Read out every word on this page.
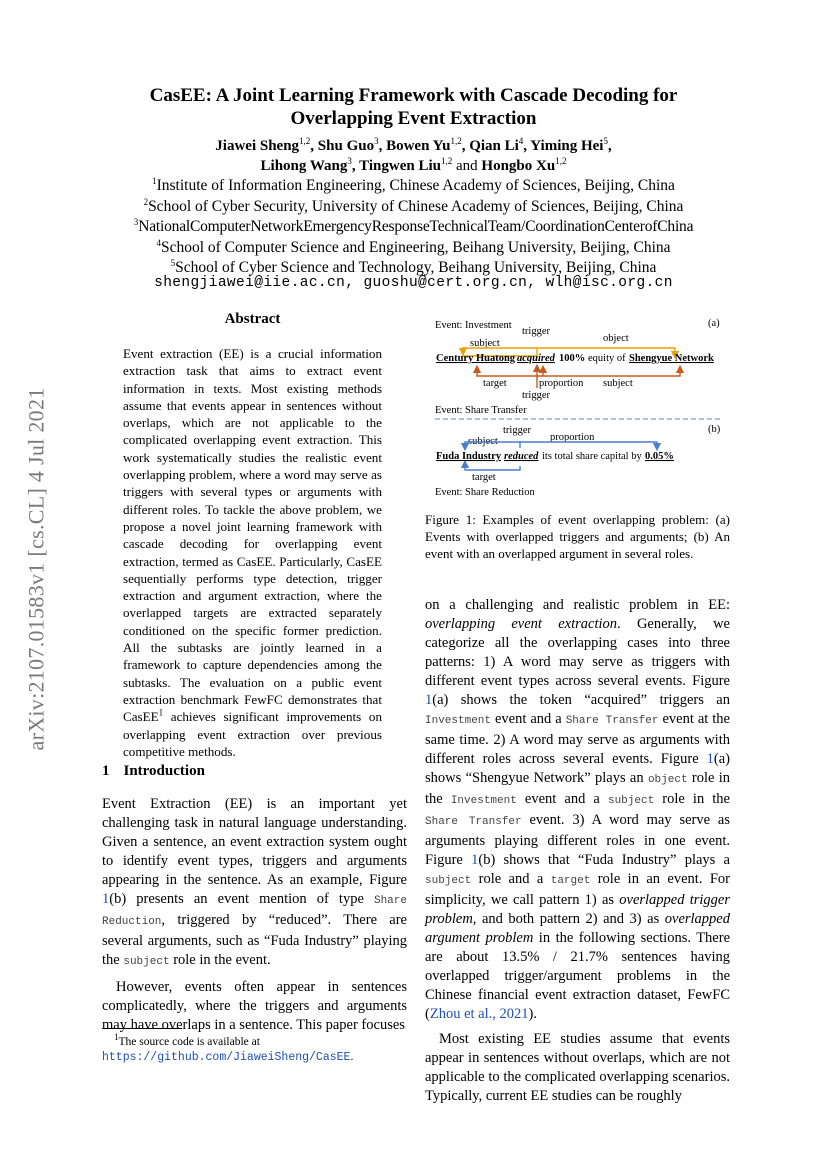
arXiv:2107.01583v1 [cs.CL] 4 Jul 2021
CasEE: A Joint Learning Framework with Cascade Decoding for
Overlapping Event Extraction
Jiawei Sheng$^{1,2}$, Shu Guo$^3$, Bowen Yu$^{1,2}$, Qian Li$^4$, Yiming Hei$^5$,
Lihong Wang$^3$, Tingwen Liu$^{1,2}$ and Hongbo Xu$^{1,2}$
$^1$Institute of Information Engineering, Chinese Academy of Sciences, Beijing, China
$^2$School of Cyber Security, University of Chinese Academy of Sciences, Beijing, China
$^3$NationalComputerNetworkEmergencyResponseTechnicalTeam/CoordinationCenterofChina
$^4$School of Computer Science and Engineering, Beihang University, Beijing, China
$^5$School of Cyber Science and Technology, Beihang University, Beijing, China
shengjiawei@iie.ac.cn, guoshu@cert.org.cn, wlh@isc.org.cn
Abstract
Event extraction (EE) is a crucial information extraction task that aims to extract event information in texts. Most existing methods assume that events appear in sentences without overlaps, which are not applicable to the complicated overlapping event extraction. This work systematically studies the realistic event overlapping problem, where a word may serve as triggers with several types or arguments with different roles. To tackle the above problem, we propose a novel joint learning framework with cascade decoding for overlapping event extraction, termed as CasEE. Particularly, CasEE sequentially performs type detection, trigger extraction and argument extraction, where the overlapped targets are extracted separately conditioned on the specific former prediction. All the subtasks are jointly learned in a framework to capture dependencies among the subtasks. The evaluation on a public event extraction benchmark FewFC demonstrates that CasEE$^1$ achieves significant improvements on overlapping event extraction over previous competitive methods.
1 Introduction

Event Extraction (EE) is an important yet challenging task in natural language understanding. Given a sentence, an event extraction system ought to identify event types, triggers and arguments appearing in the sentence. As an example, Figure 1(b) presents an event mention of type Share Reduction, triggered by “reduced”. There are several arguments, such as “Fuda Industry” playing the subject role in the event.

However, events often appear in sentences complicatedly, where the triggers and arguments may have overlaps in a sentence. This paper focuses

$^1$The source code is available at https://github.com/JiaweiSheng/CasEE.
Event: Investment	(a)
trigger
object
subject
Century Huatong acquired 100% equity of Shengyue Network
target	proportion subject
trigger
Event: Share Transfer
(b)
trigger
subject	proportion
Fuda Industry reduced its total share capital by 0.05%
target
Event: Share Reduction
Figure 1: Examples of event overlapping problem: (a) Events with overlapped triggers and arguments; (b) An event with an overlapped argument in several roles.

on a challenging and realistic problem in EE: overlapping event extraction. Generally, we categorize all the overlapping cases into three patterns: 1) A word may serve as triggers with different event types across several events. Figure 1(a) shows the token “acquired” triggers an Investment event and a Share Transfer event at the same time. 2) A word may serve as arguments with different roles across several events. Figure 1(a) shows “Shengyue Network” plays an object role in the Investment event and a subject role in the Share Transfer event. 3) A word may serve as arguments playing different roles in one event. Figure 1(b) shows that “Fuda Industry” plays a subject role and a target role in an event. For simplicity, we call pattern 1) as overlapped trigger problem, and both pattern 2) and 3) as overlapped argument problem in the following sections. There are about 13.5% / 21.7% sentences having overlapped trigger/argument problems in the Chinese financial event extraction dataset, FewFC (Zhou et al., 2021).

Most existing EE studies assume that events appear in sentences without overlaps, which are not applicable to the complicated overlapping scenarios. Typically, current EE studies can be roughly
